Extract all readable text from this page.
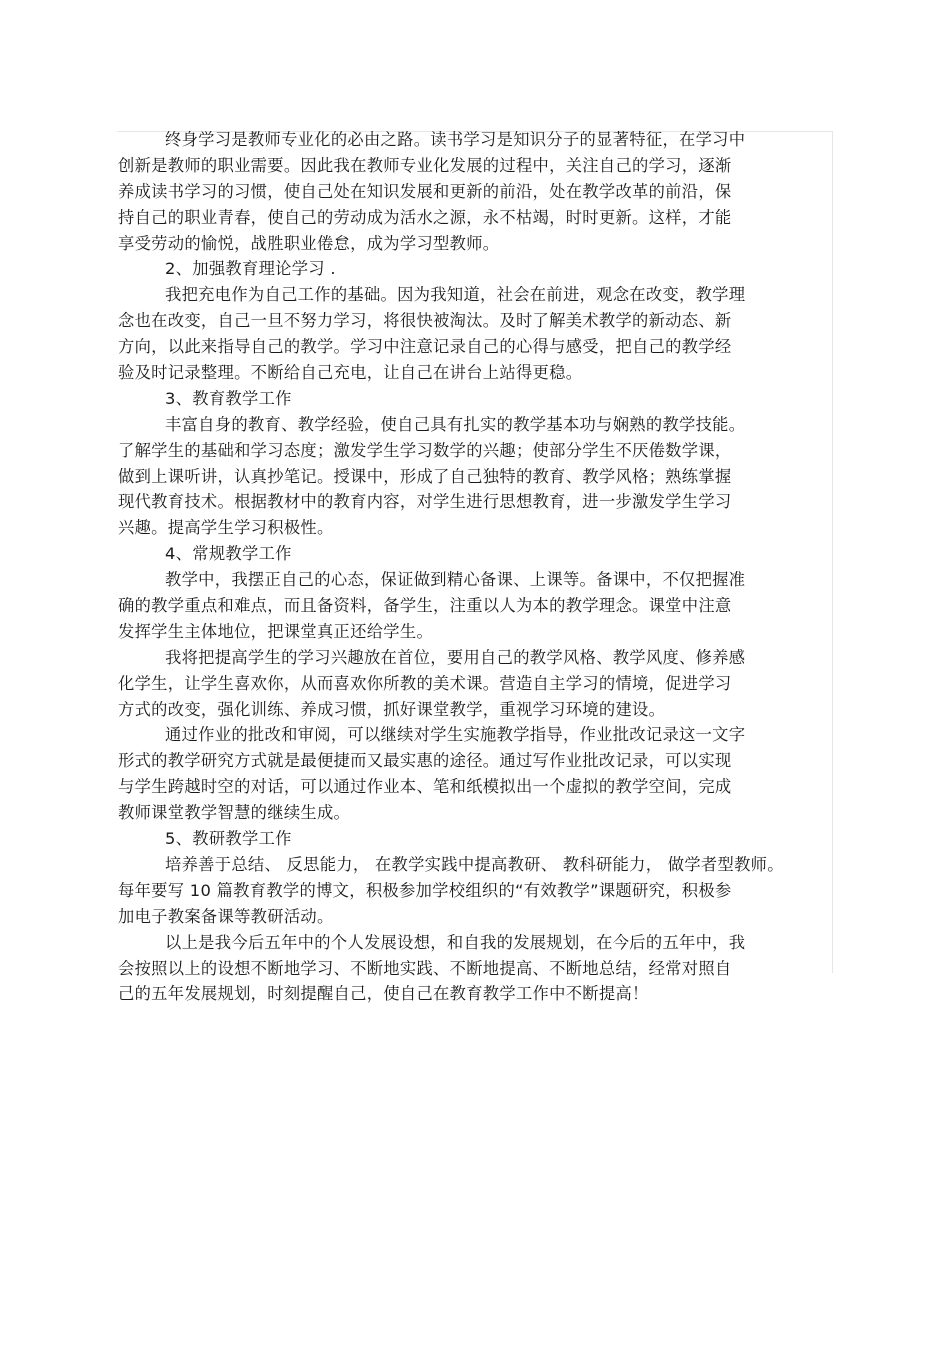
终身学习是教师专业化的必由之路。读书学习是知识分子的显著特征，在学习中
创新是教师的职业需要。因此我在教师专业化发展的过程中，关注自己的学习，逐渐
养成读书学习的习惯，使自己处在知识发展和更新的前沿，处在教学改革的前沿，保
持自己的职业青春，使自己的劳动成为活水之源，永不枯竭，时时更新。这样，才能
享受劳动的愉悦，战胜职业倦怠，成为学习型教师。
2、加强教育理论学习 .
我把充电作为自己工作的基础。因为我知道，社会在前进，观念在改变，教学理
念也在改变，自己一旦不努力学习，将很快被淘汰。及时了解美术教学的新动态、新
方向，以此来指导自己的教学。学习中注意记录自己的心得与感受，把自己的教学经
验及时记录整理。不断给自己充电，让自己在讲台上站得更稳。
3、教育教学工作
丰富自身的教育、教学经验，使自己具有扎实的教学基本功与娴熟的教学技能。
了解学生的基础和学习态度；激发学生学习数学的兴趣；使部分学生不厌倦数学课，
做到上课听讲，认真抄笔记。授课中，形成了自己独特的教育、教学风格；熟练掌握
现代教育技术。根据教材中的教育内容，对学生进行思想教育，进一步激发学生学习
兴趣。提高学生学习积极性。
4、常规教学工作
教学中，我摆正自己的心态，保证做到精心备课、上课等。备课中，不仅把握准
确的教学重点和难点，而且备资料，备学生，注重以人为本的教学理念。课堂中注意
发挥学生主体地位，把课堂真正还给学生。
我将把提高学生的学习兴趣放在首位，要用自己的教学风格、教学风度、修养感
化学生，让学生喜欢你，从而喜欢你所教的美术课。营造自主学习的情境，促进学习
方式的改变，强化训练、养成习惯，抓好课堂教学，重视学习环境的建设。
通过作业的批改和审阅，可以继续对学生实施教学指导，作业批改记录这一文字
形式的教学研究方式就是最便捷而又最实惠的途径。通过写作业批改记录，可以实现
与学生跨越时空的对话，可以通过作业本、笔和纸模拟出一个虚拟的教学空间，完成
教师课堂教学智慧的继续生成。
5、教研教学工作
培养善于总结、 反思能力， 在教学实践中提高教研、 教科研能力， 做学者型教师。
每年要写 10 篇教育教学的博文，积极参加学校组织的“有效教学”课题研究，积极参
加电子教案备课等教研活动。
以上是我今后五年中的个人发展设想，和自我的发展规划，在今后的五年中，我
会按照以上的设想不断地学习、不断地实践、不断地提高、不断地总结，经常对照自
己的五年发展规划，时刻提醒自己，使自己在教育教学工作中不断提高！
